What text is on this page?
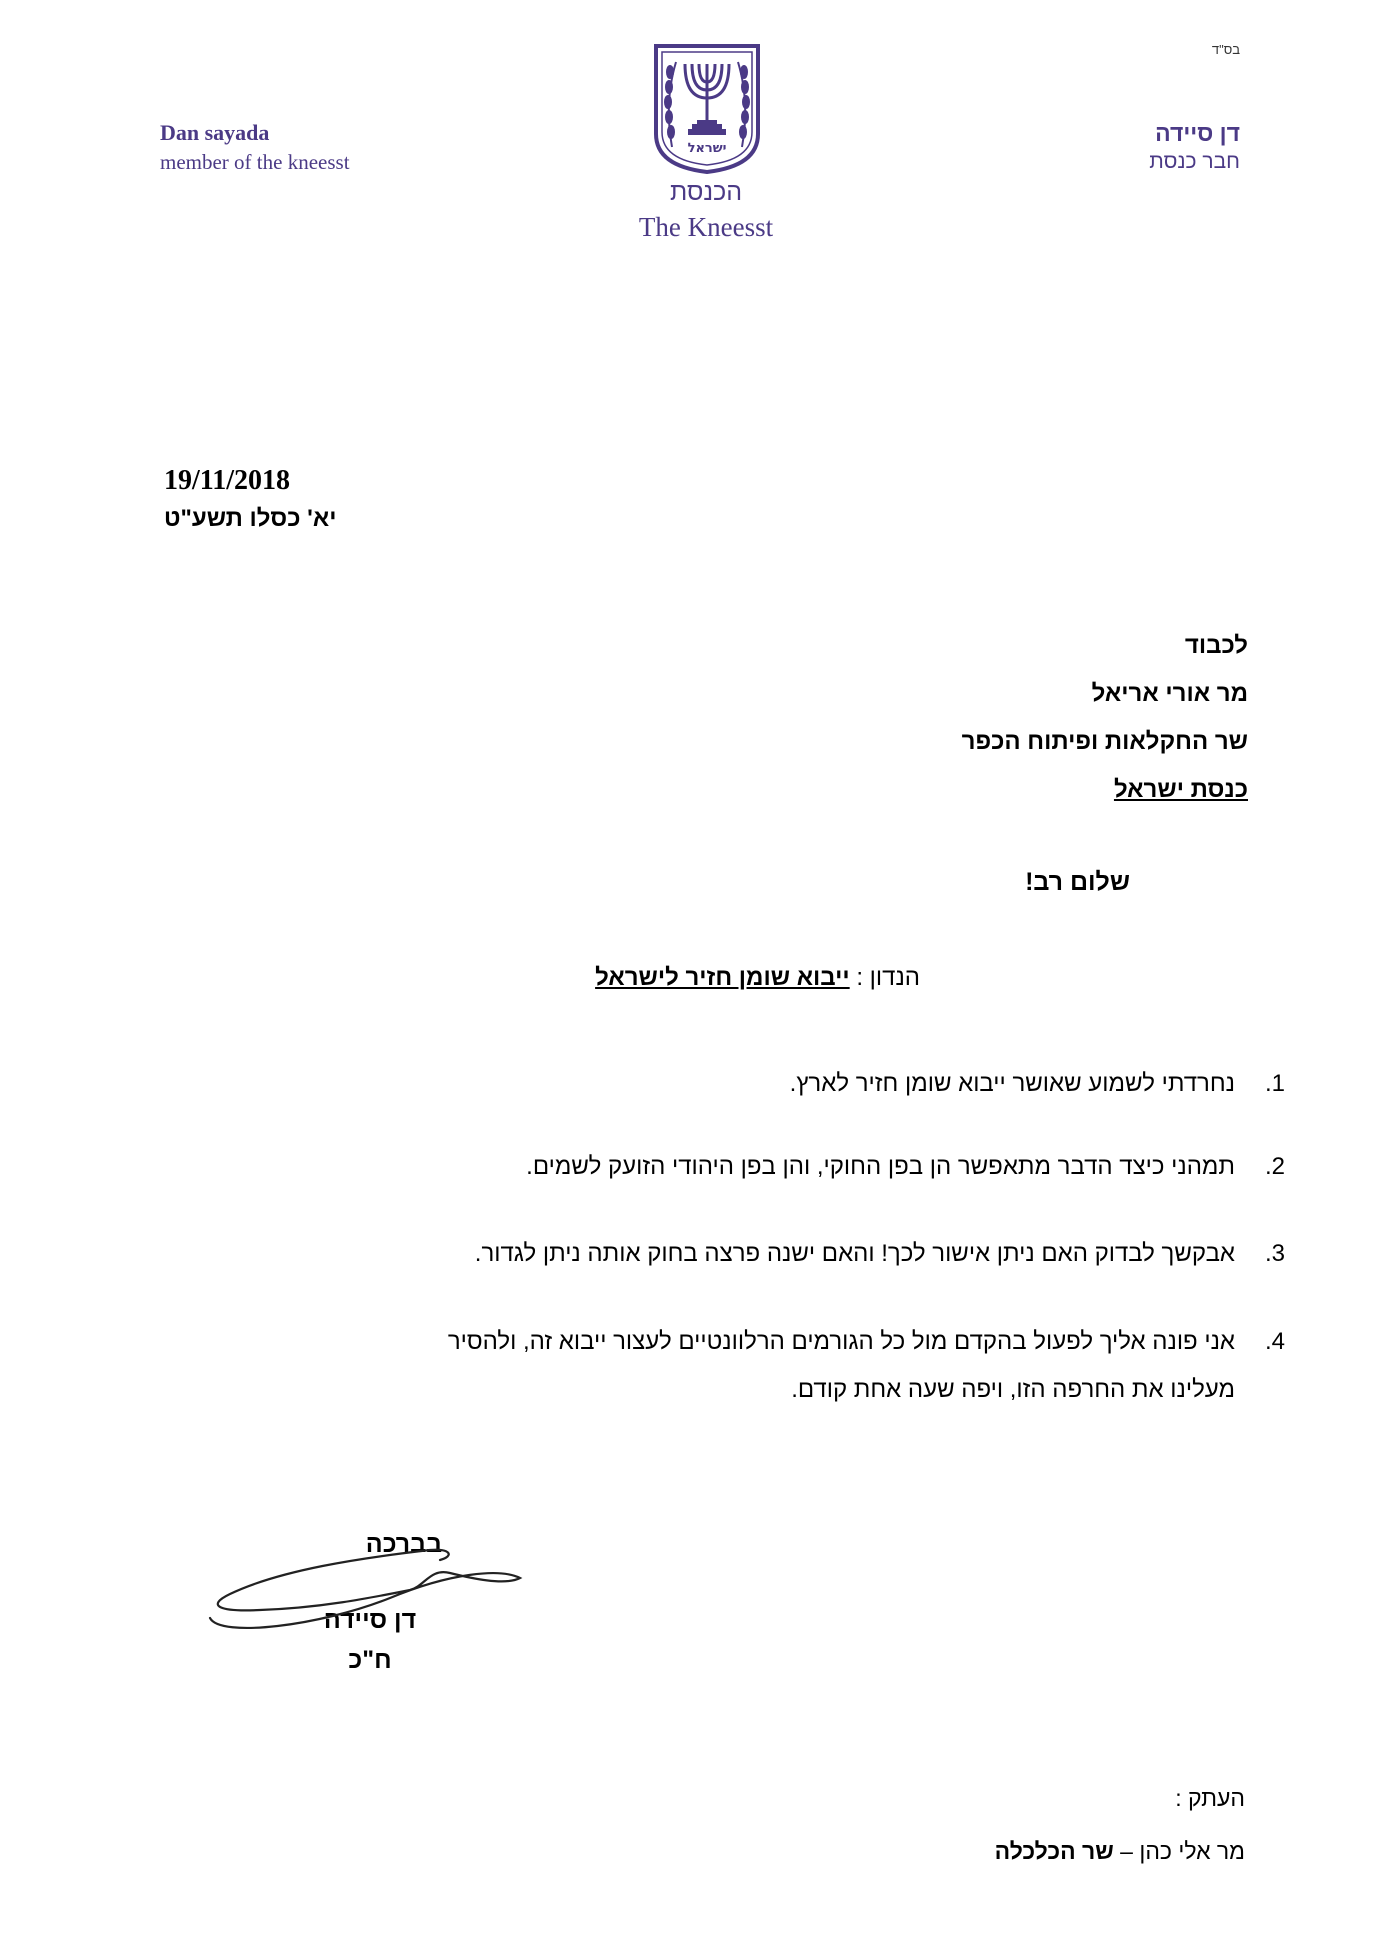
בס"ד
Dan sayada
member of the kneesst
דן סיידה
חבר כנסת
ישראל
הכנסת
The Kneesst
19/11/2018
יא' כסלו תשע"ט
לכבוד
מר אורי אריאל
שר החקלאות ופיתוח הכפר
כנסת ישראל
שלום רב!
הנדון : ייבוא שומן חזיר לישראל
1.
נחרדתי לשמוע שאושר ייבוא שומן חזיר לארץ.
2.
תמהני כיצד הדבר מתאפשר הן בפן החוקי, והן בפן היהודי הזועק לשמים.
3.
אבקשך לבדוק האם ניתן אישור לכך! והאם ישנה פרצה בחוק אותה ניתן לגדור.
4.
אני פונה אליך לפעול בהקדם מול כל הגורמים הרלוונטיים לעצור ייבוא זה, ולהסיר
מעלינו את החרפה הזו, ויפה שעה אחת קודם.
בברכה
דן סיידה
ח"כ
העתק :
מר אלי כהן – שר הכלכלה
